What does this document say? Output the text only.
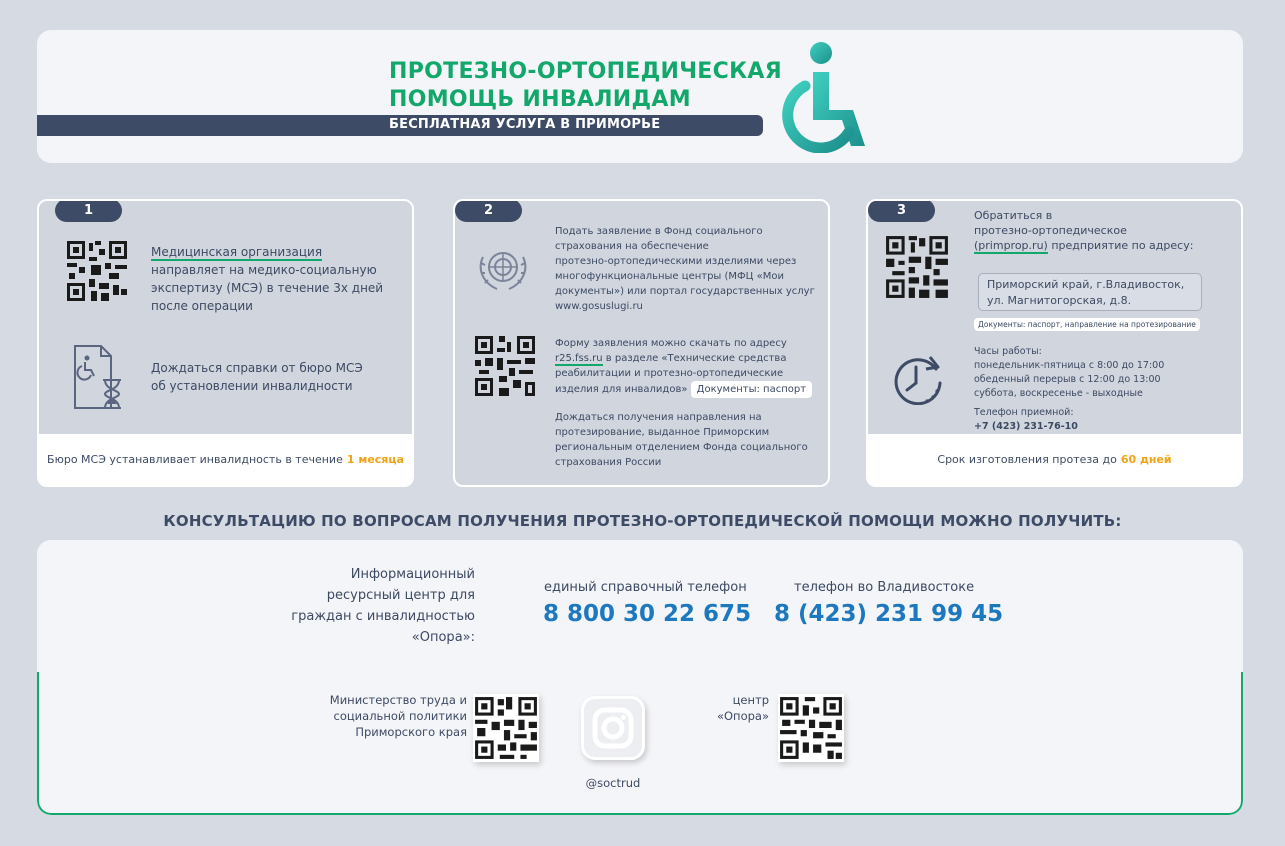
ПРОТЕЗНО-ОРТОПЕДИЧЕСКАЯ
ПОМОЩЬ ИНВАЛИДАМ
БЕСПЛАТНАЯ УСЛУГА В ПРИМОРЬЕ
1
Медицинская организация
направляет на медико-социальную
экспертизу (МСЭ) в течение 3х дней
после операции
Дождаться справки от бюро МСЭ
об установлении инвалидности
Бюро МСЭ устанавливает инвалидность в течение 1 месяца
2
Подать заявление в Фонд социального
страхования на обеспечение
протезно-ортопедическими изделиями через
многофункциональные центры (МФЦ «Мои
документы») или портал государственных услуг
www.gosuslugi.ru
Форму заявления можно скачать по адресу
r25.fss.ru в разделе «Технические средства
реабилитации и протезно-ортопедические
изделия для инвалидов» Документы: паспорт
Дождаться получения направления на
протезирование, выданное Приморским
региональным отделением Фонда социального
страхования России
3	Обратиться в
протезно-ортопедическое
(primprop.ru) предприятие по адресу:
Приморский край, г.Владивосток,
ул. Магнитогорская, д.8.
Документы: паспорт, направление на протезирование
Часы работы:
понедельник-пятница с 8:00 до 17:00
обеденный перерыв с 12:00 до 13:00
суббота, воскресенье - выходные
Телефон приемной:
+7 (423) 231-76-10
Срок изготовления протеза до 60 дней
КОНСУЛЬТАЦИЮ ПО ВОПРОСАМ ПОЛУЧЕНИЯ ПРОТЕЗНО-ОРТОПЕДИЧЕСКОЙ ПОМОЩИ МОЖНО ПОЛУЧИТЬ:
Информационный
ресурсный центр для
граждан с инвалидностью
«Опора»:
единый справочный телефон
8 800 30 22 675
телефон во Владивостоке
8 (423) 231 99 45
Министерство труда и
социальной политики
Приморского края
@soctrud
центр
«Опора»
